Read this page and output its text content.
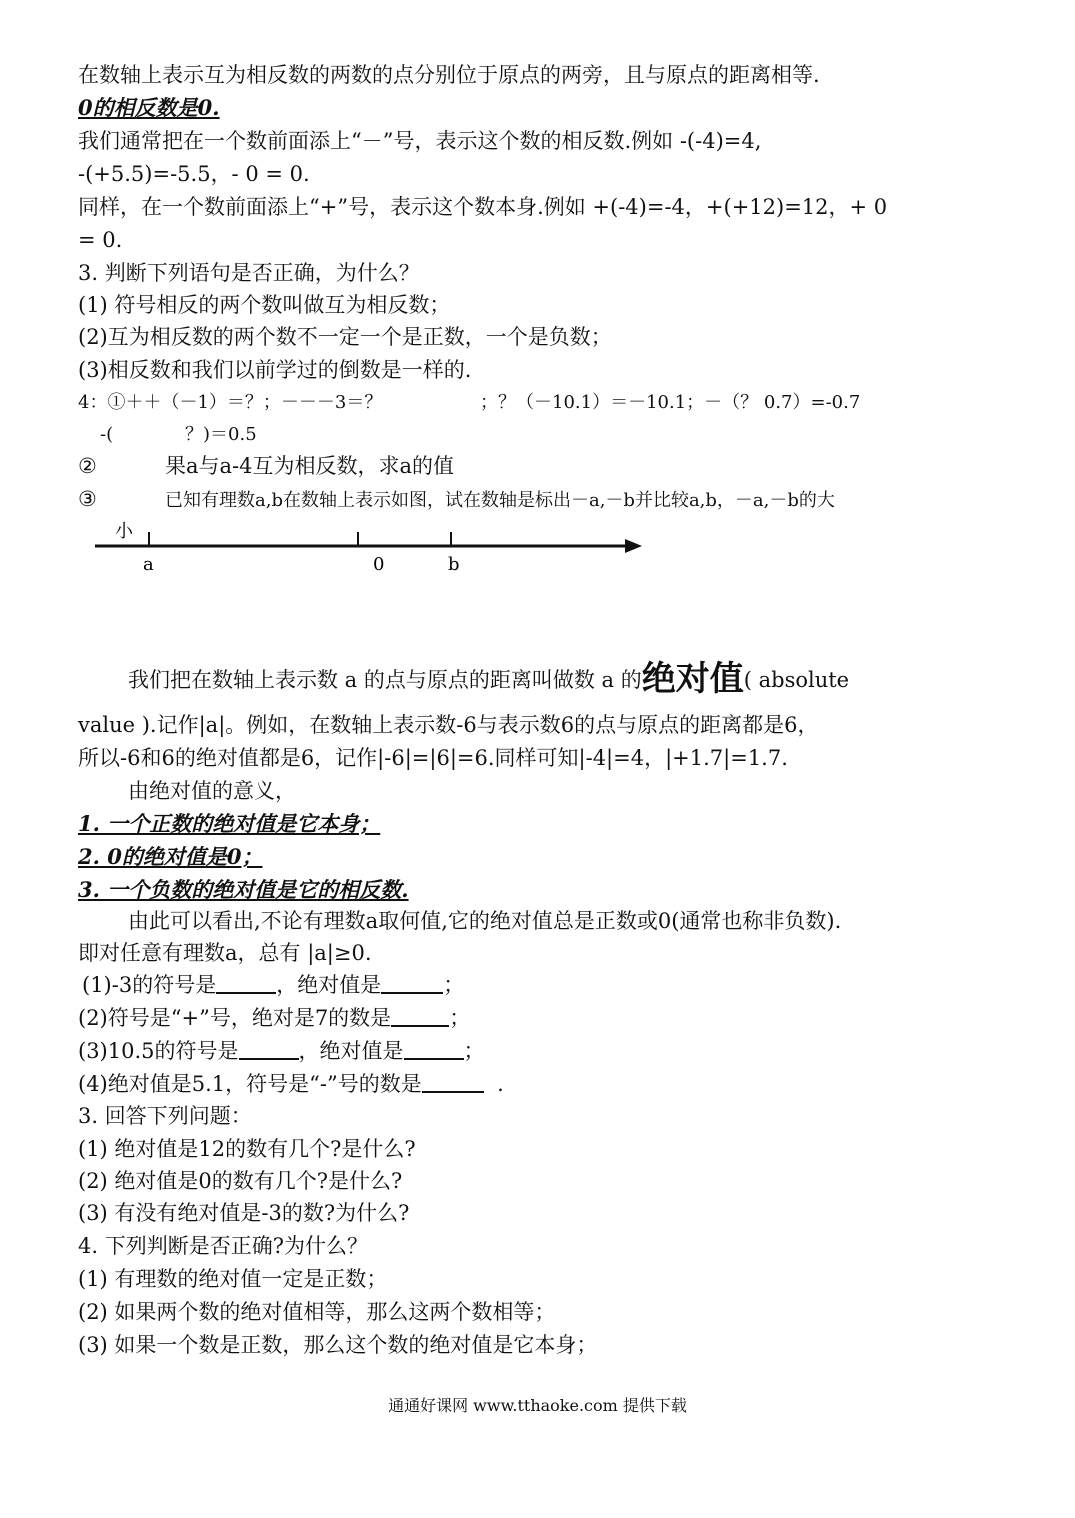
在数轴上表示互为相反数的两数的点分别位于原点的两旁，且与原点的距离相等.
0的相反数是0.
我们通常把在一个数前面添上“－”号，表示这个数的相反数.例如 -(-4)=4,
-(+5.5)=-5.5，- 0 = 0.
同样，在一个数前面添上“+”号，表示这个数本身.例如 +(-4)=-4，+(+12)=12，+ 0
= 0.
3. 判断下列语句是否正确，为什么？
(1) 符号相反的两个数叫做互为相反数；
(2)互为相反数的两个数不一定一个是正数，一个是负数；
(3)相反数和我们以前学过的倒数是一样的.
4：①＋＋（－1）＝？；－－－3＝？	；？（－10.1）＝－10.1；－（？ 0.7）=-0.7
-(	？)＝0.5
②	果a与a-4互为相反数，求a的值
③	已知有理数a,b在数轴上表示如图，试在数轴是标出－a,－b并比较a,b，－a,－b的大
小
a	0	b
我们把在数轴上表示数 a 的点与原点的距离叫做数 a 的绝对值( absolute
value ).记作|a|。例如，在数轴上表示数-6与表示数6的点与原点的距离都是6，
所以-6和6的绝对值都是6，记作|-6|=|6|=6.同样可知|-4|=4，|+1.7|=1.7.
由绝对值的意义，
1. 一个正数的绝对值是它本身；
2. 0的绝对值是0；
3. 一个负数的绝对值是它的相反数.
由此可以看出,不论有理数a取何值,它的绝对值总是正数或0(通常也称非负数).
即对任意有理数a，总有 |a|≥0.
(1)-3的符号是	，绝对值是	；
(2)符号是“+”号，绝对是7的数是	；
(3)10.5的符号是	，绝对值是	；
(4)绝对值是5.1，符号是“-”号的数是	.
3. 回答下列问题：
(1) 绝对值是12的数有几个?是什么?
(2) 绝对值是0的数有几个?是什么?
(3) 有没有绝对值是-3的数?为什么?
4. 下列判断是否正确?为什么？
(1) 有理数的绝对值一定是正数；
(2) 如果两个数的绝对值相等，那么这两个数相等；
(3) 如果一个数是正数，那么这个数的绝对值是它本身；
通通好课网 www.tthaoke.com 提供下载
